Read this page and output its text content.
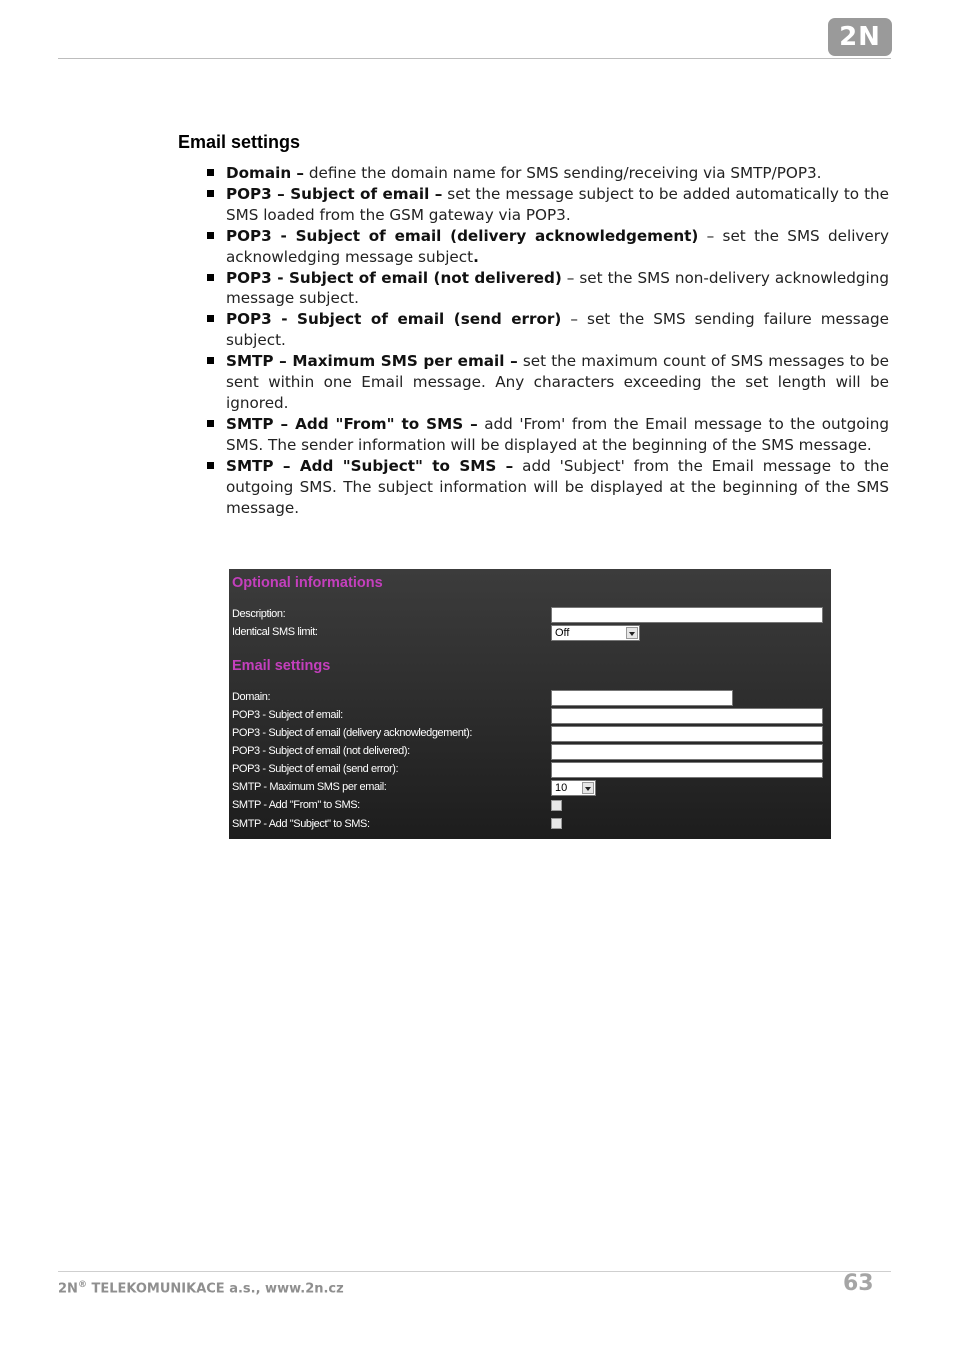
2N
Email settings
Domain – define the domain name for SMS sending/receiving via SMTP/POP3.
POP3 – Subject of email – set the message subject to be added automatically to the SMS loaded from the GSM gateway via POP3.
POP3 - Subject of email (delivery acknowledgement) – set the SMS delivery acknowledging message subject.
POP3 - Subject of email (not delivered) – set the SMS non-delivery acknowledging message subject.
POP3 - Subject of email (send error) – set the SMS sending failure message subject.
SMTP – Maximum SMS per email – set the maximum count of SMS messages to be sent within one Email message. Any characters exceeding the set length will be ignored.
SMTP – Add "From" to SMS – add 'From' from the Email message to the outgoing SMS. The sender information will be displayed at the beginning of the SMS message.
SMTP – Add "Subject" to SMS – add 'Subject' from the Email message to the outgoing SMS. The subject information will be displayed at the beginning of the SMS message.
Optional informations
Description:
Identical SMS limit:	Off
Email settings
Domain:
POP3 - Subject of email:
POP3 - Subject of email (delivery acknowledgement):
POP3 - Subject of email (not delivered):
POP3 - Subject of email (send error):
SMTP - Maximum SMS per email:	10
SMTP - Add "From" to SMS:
SMTP - Add "Subject" to SMS:
2N® TELEKOMUNIKACE a.s., www.2n.cz	63
